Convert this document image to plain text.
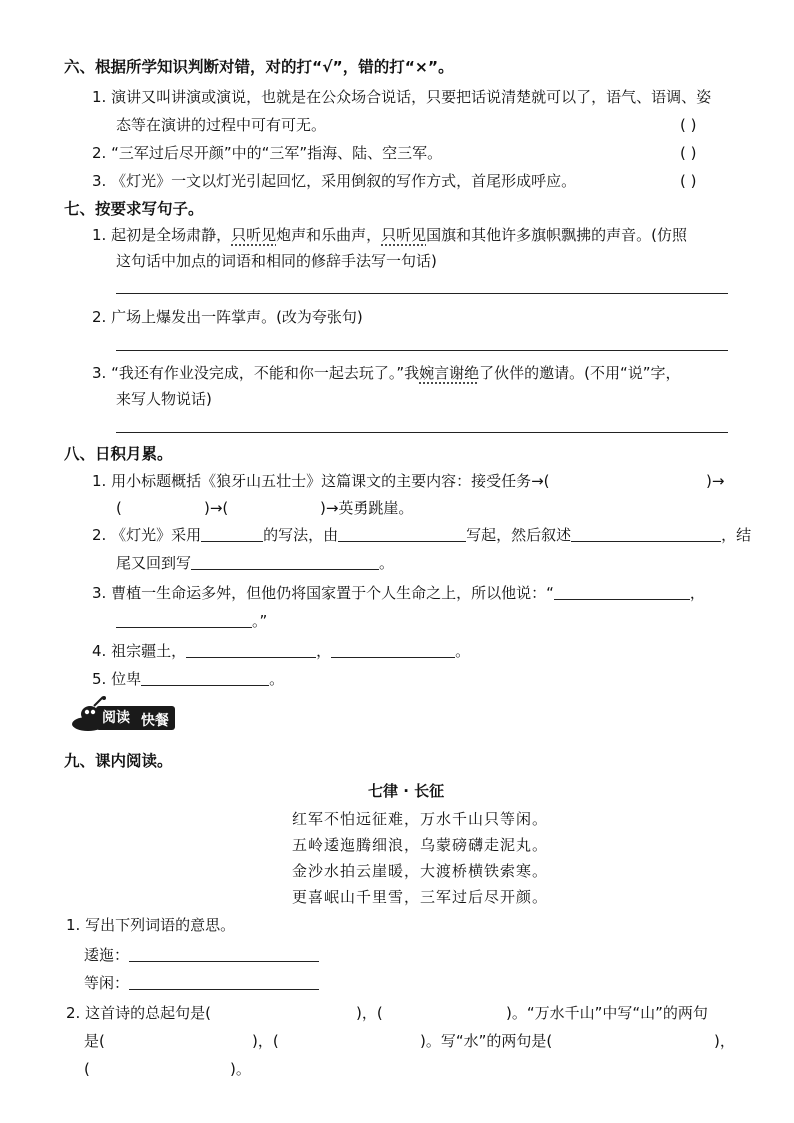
六、根据所学知识判断对错，对的打“√”，错的打“×”。
1. 演讲又叫讲演或演说，也就是在公众场合说话，只要把话说清楚就可以了，语气、语调、姿
态等在演讲的过程中可有可无。	( )
2. “三军过后尽开颜”中的“三军”指海、陆、空三军。	( )
3. 《灯光》一文以灯光引起回忆，采用倒叙的写作方式，首尾形成呼应。	( )
七、按要求写句子。
1. 起初是全场肃静，只听见炮声和乐曲声，只听见国旗和其他许多旗帜飘拂的声音。(仿照
这句话中加点的词语和相同的修辞手法写一句话)
2. 广场上爆发出一阵掌声。(改为夸张句)
3. “我还有作业没完成，不能和你一起去玩了。”我婉言谢绝了伙伴的邀请。(不用“说”字，
来写人物说话)
八、日积月累。
1. 用小标题概括《狼牙山五壮士》这篇课文的主要内容：接受任务→(	)→
(	)→(	)→英勇跳崖。
2. 《灯光》采用	的写法，由	写起，然后叙述	，结
尾又回到写	。
3. 曹植一生命运多舛，但他仍将国家置于个人生命之上，所以他说：“	，
。”
4. 祖宗疆土，	，	。
5. 位卑	。
阅读 快餐
九、课内阅读。
七律 · 长征
红军不怕远征难，万水千山只等闲。
五岭逶迤腾细浪，乌蒙磅礴走泥丸。
金沙水拍云崖暖，大渡桥横铁索寒。
更喜岷山千里雪，三军过后尽开颜。
1. 写出下列词语的意思。
逶迤：
等闲：
2. 这首诗的总起句是(	)，(	)。“万水千山”中写“山”的两句
是(	)，(	)。写“水”的两句是(	)，
(	)。
